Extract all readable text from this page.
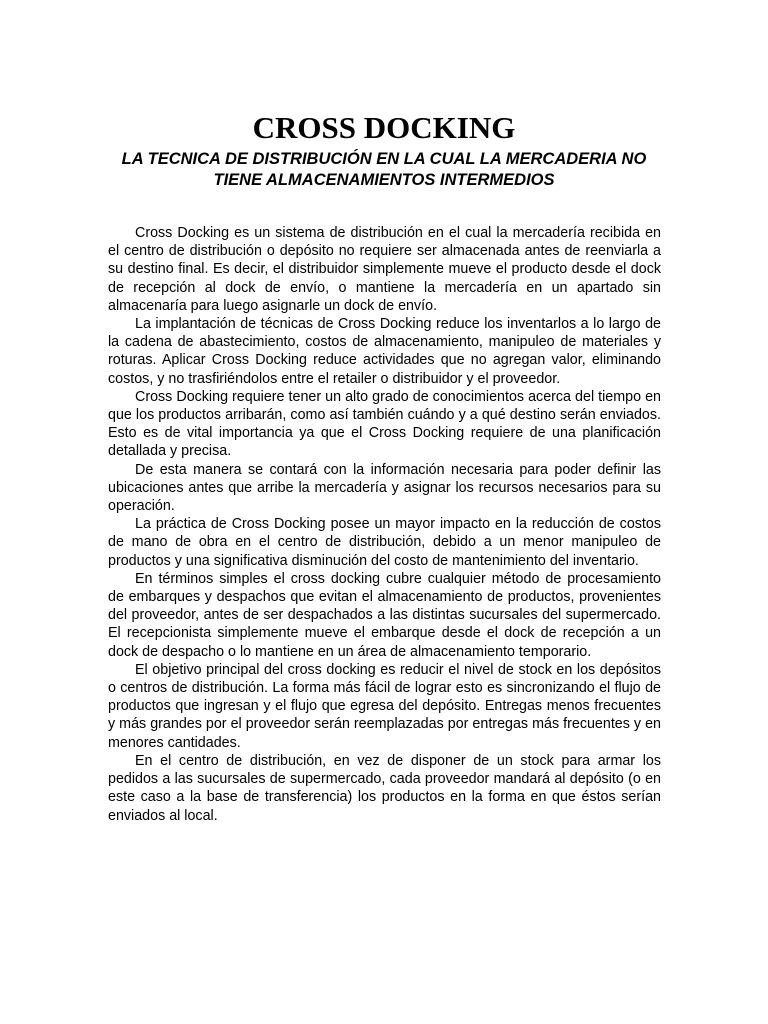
CROSS DOCKING
LA TECNICA DE DISTRIBUCIÓN EN LA CUAL LA MERCADERIA NO
TIENE ALMACENAMIENTOS INTERMEDIOS

Cross Docking es un sistema de distribución en el cual la mercadería recibida en el centro de distribución o depósito no requiere ser almacenada antes de reenviarla a su destino final. Es decir, el distribuidor simplemente mueve el producto desde el dock de recepción al dock de envío, o mantiene la mercadería en un apartado sin almacenaría para luego asignarle un dock de envío.

La implantación de técnicas de Cross Docking reduce los inventarlos a lo largo de la cadena de abastecimiento, costos de almacenamiento, manipuleo de materiales y roturas. Aplicar Cross Docking reduce actividades que no agregan valor, eliminando costos, y no trasfiriéndolos entre el retailer o distribuidor y el proveedor.

Cross Docking requiere tener un alto grado de conocimientos acerca del tiempo en que los productos arribarán, como así también cuándo y a qué destino serán enviados. Esto es de vital importancia ya que el Cross Docking requiere de una planificación detallada y precisa.

De esta manera se contará con la información necesaria para poder definir las ubicaciones antes que arribe la mercadería y asignar los recursos necesarios para su operación.

La práctica de Cross Docking posee un mayor impacto en la reducción de costos de mano de obra en el centro de distribución, debido a un menor manipuleo de productos y una significativa disminución del costo de mantenimiento del inventario.

En términos simples el cross docking cubre cualquier método de procesamiento de embarques y despachos que evitan el almacenamiento de productos, provenientes del proveedor, antes de ser despachados a las distintas sucursales del supermercado. El recepcionista simplemente mueve el embarque desde el dock de recepción a un dock de despacho o lo mantiene en un área de almacenamiento temporario.

El objetivo principal del cross docking es reducir el nivel de stock en los depósitos o centros de distribución. La forma más fácil de lograr esto es sincronizando el flujo de productos que ingresan y el flujo que egresa del depósito. Entregas menos frecuentes y más grandes por el proveedor serán reemplazadas por entregas más frecuentes y en menores cantidades.

En el centro de distribución, en vez de disponer de un stock para armar los pedidos a las sucursales de supermercado, cada proveedor mandará al depósito (o en este caso a la base de transferencia) los productos en la forma en que éstos serían enviados al local.
